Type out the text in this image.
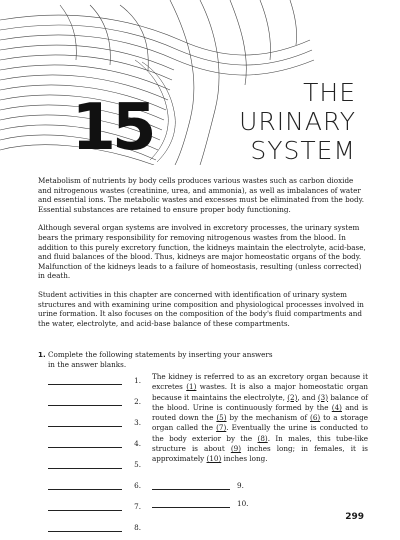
15	THE
URINARY
SYSTEM

Metabolism of nutrients by body cells produces various wastes such as carbon dioxide and nitrogenous wastes (creatinine, urea, and ammonia), as well as imbalances of water and essential ions. The metabolic wastes and excesses must be eliminated from the body. Essential substances are retained to ensure proper body functioning.

Although several organ systems are involved in excretory processes, the urinary system bears the primary responsibility for removing nitrogenous wastes from the blood. In addition to this purely excretory function, the kidneys maintain the electrolyte, acid-base, and fluid balances of the blood. Thus, kidneys are major homeostatic organs of the body. Malfunction of the kidneys leads to a failure of homeostasis, resulting (unless corrected) in death.

Student activities in this chapter are concerned with identification of urinary system structures and with examining urine composition and physiological processes involved in urine formation. It also focuses on the composition of the body's fluid compartments and the water, electrolyte, and acid-base balance of these compartments.

1. Complete the following statements by inserting your answers in the answer blanks.
1.
2.
3.
4.
5.
6.
7.
8.
The kidney is referred to as an excretory organ because it excretes (1) wastes. It is also a major homeostatic organ because it maintains the electrolyte, (2), and (3) balance of the blood. Urine is continuously formed by the (4) and is routed down the (5) by the mechanism of (6) to a storage organ called the (7). Eventually the urine is conducted to the body exterior by the (8). In males, this tube-like structure is about (9) inches long; in females, it is approximately (10) inches long.
9.
10.
299
